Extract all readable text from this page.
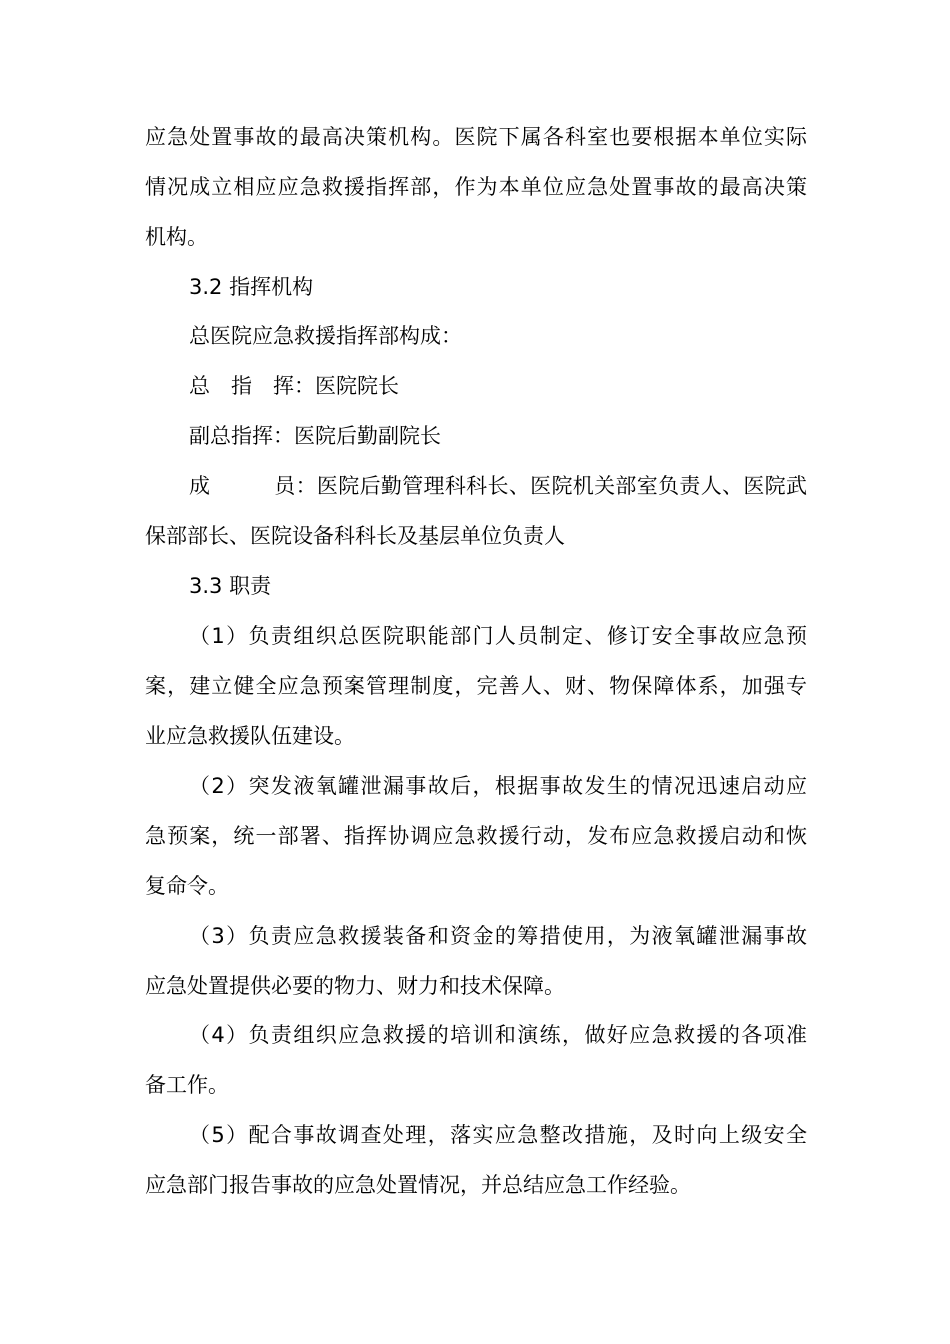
应急处置事故的最高决策机构。医院下属各科室也要根据本单位实际
情况成立相应应急救援指挥部，作为本单位应急处置事故的最高决策
机构。
3.2 指挥机构
总医院应急救援指挥部构成：
总　指　挥：医院院长
副总指挥：医院后勤副院长
成　　　员：医院后勤管理科科长、医院机关部室负责人、医院武
保部部长、医院设备科科长及基层单位负责人
3.3 职责
（1）负责组织总医院职能部门人员制定、修订安全事故应急预
案，建立健全应急预案管理制度，完善人、财、物保障体系，加强专
业应急救援队伍建设。
（2）突发液氧罐泄漏事故后，根据事故发生的情况迅速启动应
急预案，统一部署、指挥协调应急救援行动，发布应急救援启动和恢
复命令。
（3）负责应急救援装备和资金的筹措使用，为液氧罐泄漏事故
应急处置提供必要的物力、财力和技术保障。
（4）负责组织应急救援的培训和演练，做好应急救援的各项准
备工作。
（5）配合事故调查处理，落实应急整改措施，及时向上级安全
应急部门报告事故的应急处置情况，并总结应急工作经验。
